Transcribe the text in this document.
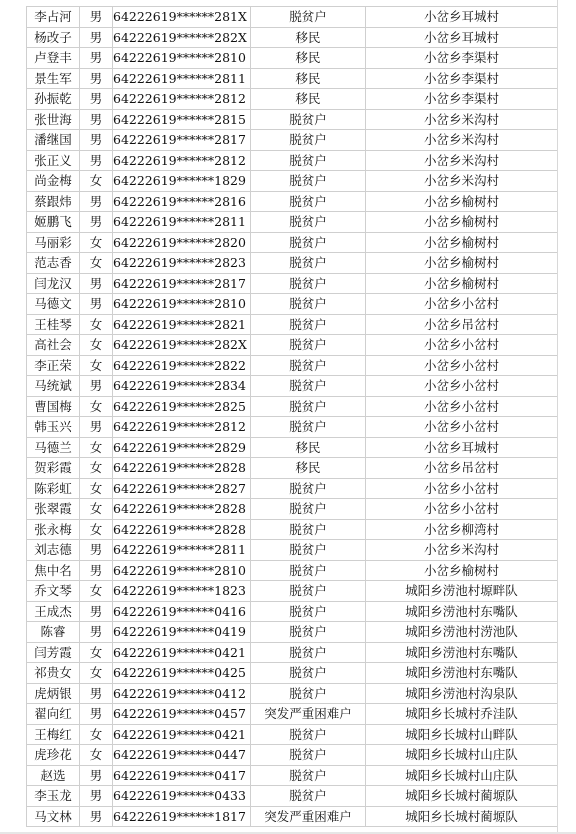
李占河	男	64222619******281X	脱贫户	小岔乡耳城村
杨改子	男	64222619******282X	移民	小岔乡耳城村
卢登丰	男	64222619******2810	移民	小岔乡李渠村
景生军	男	64222619******2811	移民	小岔乡李渠村
孙振乾	男	64222619******2812	移民	小岔乡李渠村
张世海	男	64222619******2815	脱贫户	小岔乡米沟村
潘继国	男	64222619******2817	脱贫户	小岔乡米沟村
张正义	男	64222619******2812	脱贫户	小岔乡米沟村
尚金梅	女	64222619******1829	脱贫户	小岔乡米沟村
蔡跟炜	男	64222619******2816	脱贫户	小岔乡榆树村
姬鹏飞	男	64222619******2811	脱贫户	小岔乡榆树村
马丽彩	女	64222619******2820	脱贫户	小岔乡榆树村
范志香	女	64222619******2823	脱贫户	小岔乡榆树村
闫龙汉	男	64222619******2817	脱贫户	小岔乡榆树村
马德文	男	64222619******2810	脱贫户	小岔乡小岔村
王桂琴	女	64222619******2821	脱贫户	小岔乡吊岔村
高社会	女	64222619******282X	脱贫户	小岔乡小岔村
李正荣	女	64222619******2822	脱贫户	小岔乡小岔村
马统斌	男	64222619******2834	脱贫户	小岔乡小岔村
曹国梅	女	64222619******2825	脱贫户	小岔乡小岔村
韩玉兴	男	64222619******2812	脱贫户	小岔乡小岔村
马德兰	女	64222619******2829	移民	小岔乡耳城村
贺彩霞	女	64222619******2828	移民	小岔乡吊岔村
陈彩虹	女	64222619******2827	脱贫户	小岔乡小岔村
张翠霞	女	64222619******2828	脱贫户	小岔乡小岔村
张永梅	女	64222619******2828	脱贫户	小岔乡柳湾村
刘志德	男	64222619******2811	脱贫户	小岔乡米沟村
焦中名	男	64222619******2810	脱贫户	小岔乡榆树村
乔文琴	女	64222619******1823	脱贫户	城阳乡涝池村塬畔队
王成杰	男	64222619******0416	脱贫户	城阳乡涝池村东嘴队
陈睿	男	64222619******0419	脱贫户	城阳乡涝池村涝池队
闫芳霞	女	64222619******0421	脱贫户	城阳乡涝池村东嘴队
祁贵女	女	64222619******0425	脱贫户	城阳乡涝池村东嘴队
虎炳银	男	64222619******0412	脱贫户	城阳乡涝池村沟泉队
翟向红	男	64222619******0457	突发严重困难户	城阳乡长城村乔洼队
王梅红	女	64222619******0421	脱贫户	城阳乡长城村山畔队
虎珍花	女	64222619******0447	脱贫户	城阳乡长城村山庄队
赵选	男	64222619******0417	脱贫户	城阳乡长城村山庄队
李玉龙	男	64222619******0433	脱贫户	城阳乡长城村蔺塬队
马文林	男	64222619******1817	突发严重困难户	城阳乡长城村蔺塬队
